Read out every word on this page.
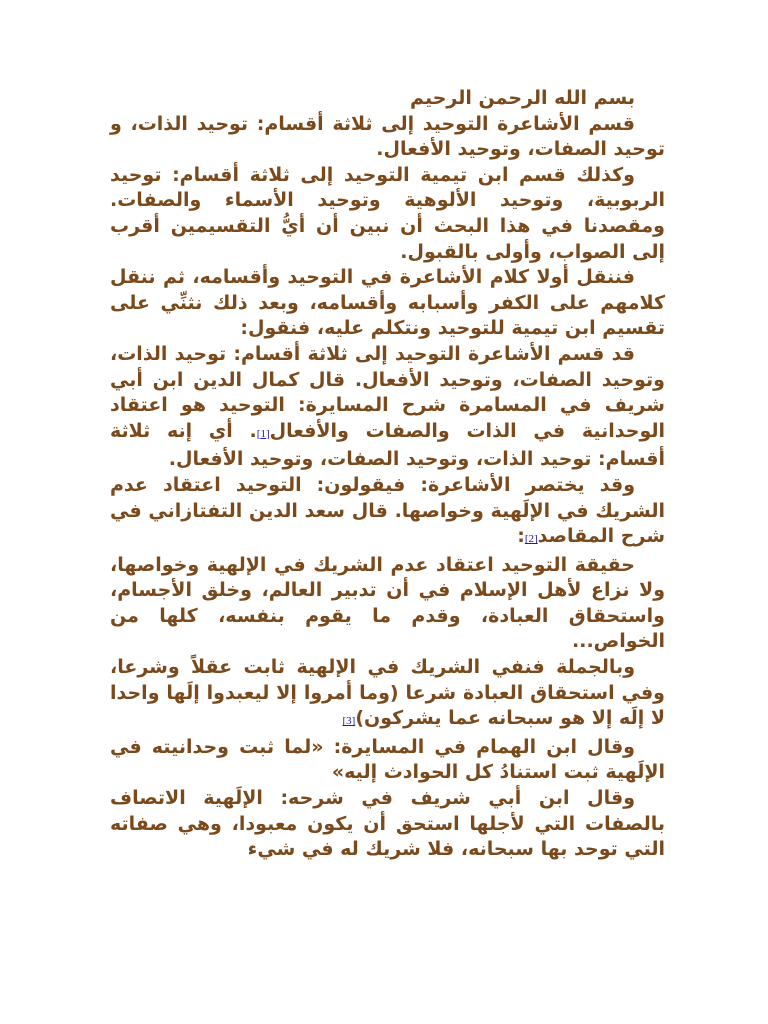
بسم الله الرحمن الرحيم

قسم الأشاعرة التوحيد إلى ثلاثة أقسام: توحيد الذات، و توحيد الصفات، وتوحيد الأفعال.

وكذلك قسم ابن تيمية التوحيد إلى ثلاثة أقسام: توحيد الربوبية، وتوحيد الألوهية وتوحيد الأسماء والصفات. ومقصدنا في هذا البحث أن نبين أن أيُّ التقسيمين أقرب إلى الصواب، وأولى بالقبول.

فننقل أولا كلام الأشاعرة في التوحيد وأقسامه، ثم ننقل كلامهم على الكفر وأسبابه وأقسامه، وبعد ذلك نثنِّي على تقسيم ابن تيمية للتوحيد ونتكلم عليه، فنقول:

قد قسم الأشاعرة التوحيد إلى ثلاثة أقسام: توحيد الذات، وتوحيد الصفات، وتوحيد الأفعال. قال كمال الدين ابن أبي شريف في المسامرة شرح المسايرة: التوحيد هو اعتقاد الوحدانية في الذات والصفات والأفعال[1]. أي إنه ثلاثة أقسام: توحيد الذات، وتوحيد الصفات، وتوحيد الأفعال.

وقد يختصر الأشاعرة: فيقولون: التوحيد اعتقاد عدم الشريك في الإلَهية وخواصها. قال سعد الدين التفتازاني في شرح المقاصد[2]:

حقيقة التوحيد اعتقاد عدم الشريك في الإلهية وخواصها، ولا نزاع لأهل الإسلام في أن تدبير العالم، وخلق الأجسام، واستحقاق العبادة، وقدم ما يقوم بنفسه، كلها من الخواص...

وبالجملة فنفي الشريك في الإلهية ثابت عقلاً وشرعا، وفي استحقاق العبادة شرعا (وما أمروا إلا ليعبدوا إلَها واحدا لا إلَه إلا هو سبحانه عما يشركون)[3]

وقال ابن الهمام في المسايرة: «لما ثبت وحدانيته في الإلَهية ثبت استنادُ كل الحوادث إليه»

وقال ابن أبي شريف في شرحه: الإلَهية الاتصاف بالصفات التي لأجلها استحق أن يكون معبودا، وهي صفاته التي توحد بها سبحانه، فلا شريك له في شيء
